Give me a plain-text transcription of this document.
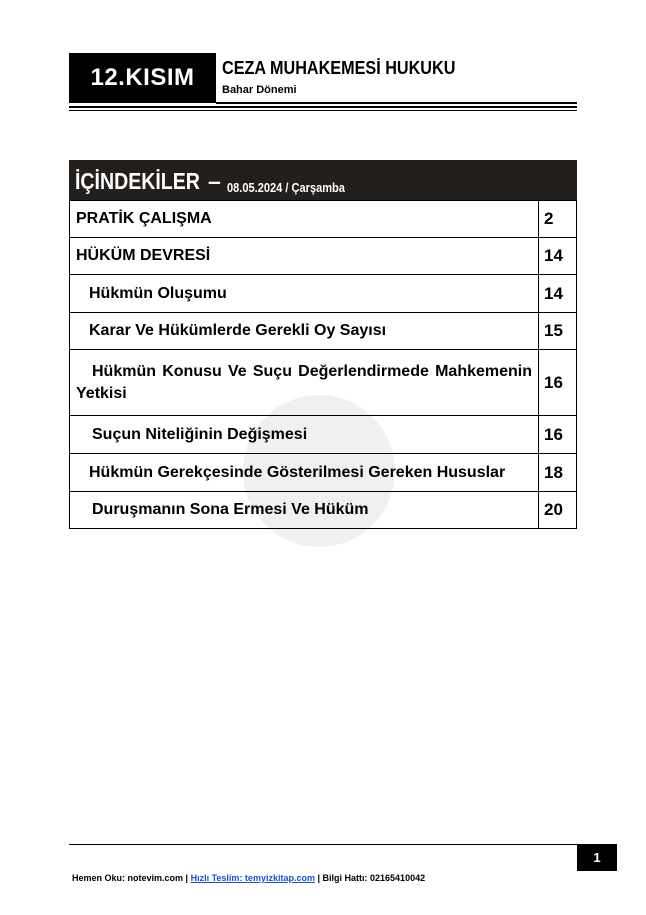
12.KISIM	CEZA MUHAKEMESİ HUKUKU
Bahar Dönemi
İÇİNDEKİLER – 08.05.2024 / Çarşamba
PRATİK ÇALIŞMA	2
HÜKÜM DEVRESİ	14
Hükmün Oluşumu	14
Karar Ve Hükümlerde Gerekli Oy Sayısı	15
Hükmün Konusu Ve Suçu Değerlendirmede Mahkemenin Yetkisi	16
Suçun Niteliğinin Değişmesi	16
Hükmün Gerekçesinde Gösterilmesi Gereken Hususlar	18
Duruşmanın Sona Ermesi Ve Hüküm	20
1
Hemen Oku: notevim.com | Hızlı Teslim: temyizkitap.com | Bilgi Hattı: 02165410042
